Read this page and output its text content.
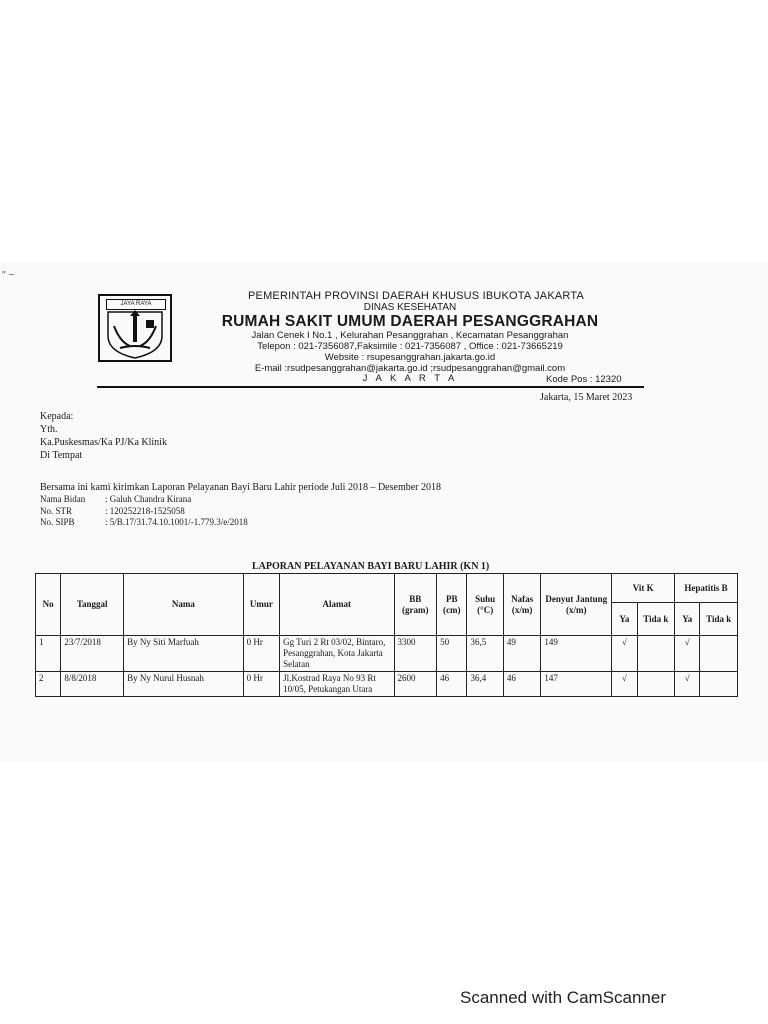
" ~
JAYA RAYA
PEMERINTAH PROVINSI DAERAH KHUSUS IBUKOTA JAKARTA
DINAS KESEHATAN
RUMAH SAKIT UMUM DAERAH PESANGGRAHAN
Jalan Cenek I No.1 , Kelurahan Pesanggrahan , Kecamatan Pesanggrahan
Telepon : 021-7356087,Faksimile : 021-7356087 , Office : 021-73665219
Website : rsupesanggrahan.jakarta.go.id
E-mail :rsudpesanggrahan@jakarta.go.id ;rsudpesanggrahan@gmail.com
J A K A R T A	Kode Pos : 12320
Jakarta, 15 Maret 2023
Kepada:
Yth.
Ka.Puskesmas/Ka PJ/Ka Klinik
Di Tempat
Bersama ini kami kirimkan Laporan Pelayanan Bayi Baru Lahir periode Juli 2018 – Desember 2018
Nama Bidan	: Galuh Chandra Kirana
No. STR	: 120252218-1525058
No. SIPB	: 5/B.17/31.74.10.1001/-1.779.3/e/2018
LAPORAN PELAYANAN BAYI BARU LAHIR (KN 1)
No	Tanggal	Nama	Umur	Alamat	BB (gram)	PB (cm)	Suhu (°C)	Nafas (x/m)	Denyut Jantung (x/m)	Vit K		Hepatitis B	
										Ya	Tida k	Ya	Tida k
1	23/7/2018	By Ny Siti Marfuah	0 Hr	Gg Turi 2 Rt 03/02, Bintaro, Pesanggrahan, Kota Jakarta Selatan	3300	50	36,5	49	149	√		√	
2	8/8/2018	By Ny Nurul Husnah	0 Hr	Jl.Kostrad Raya No 93 Rt 10/05, Petukangan Utara	2600	46	36,4	46	147	√		√	
Scanned with CamScanner
